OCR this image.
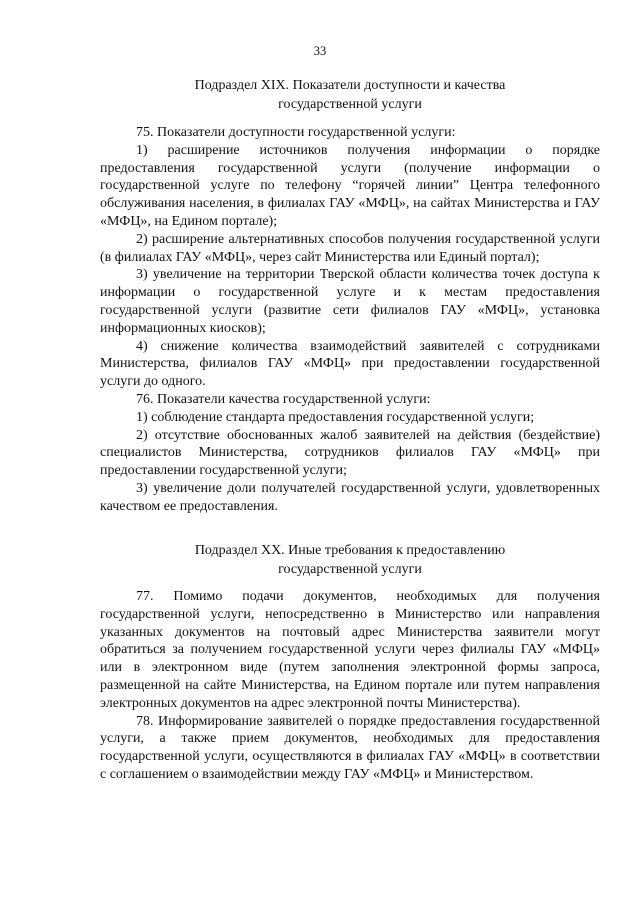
33
Подраздел XIX. Показатели доступности и качества
государственной услуги

75. Показатели доступности государственной услуги:

1) расширение источников получения информации о порядке предоставления государственной услуги (получение информации о государственной услуге по телефону “горячей линии” Центра телефонного обслуживания населения, в филиалах ГАУ «МФЦ», на сайтах Министерства и ГАУ «МФЦ», на Едином портале);

2) расширение альтернативных способов получения государственной услуги (в филиалах ГАУ «МФЦ», через сайт Министерства или Единый портал);

3) увеличение на территории Тверской области количества точек доступа к информации о государственной услуге и к местам предоставления государственной услуги (развитие сети филиалов ГАУ «МФЦ», установка информационных киосков);

4) снижение количества взаимодействий заявителей с сотрудниками Министерства, филиалов ГАУ «МФЦ» при предоставлении государственной услуги до одного.

76. Показатели качества государственной услуги:

1) соблюдение стандарта предоставления государственной услуги;

2) отсутствие обоснованных жалоб заявителей на действия (бездействие) специалистов Министерства, сотрудников филиалов ГАУ «МФЦ» при предоставлении государственной услуги;

3) увеличение доли получателей государственной услуги, удовлетворенных качеством ее предоставления.

Подраздел XX. Иные требования к предоставлению
государственной услуги

77. Помимо подачи документов, необходимых для получения государственной услуги, непосредственно в Министерство или направления указанных документов на почтовый адрес Министерства заявители могут обратиться за получением государственной услуги через филиалы ГАУ «МФЦ» или в электронном виде (путем заполнения электронной формы запроса, размещенной на сайте Министерства, на Едином портале или путем направления электронных документов на адрес электронной почты Министерства).

78. Информирование заявителей о порядке предоставления государственной услуги, а также прием документов, необходимых для предоставления государственной услуги, осуществляются в филиалах ГАУ «МФЦ» в соответствии с соглашением о взаимодействии между ГАУ «МФЦ» и Министерством.
